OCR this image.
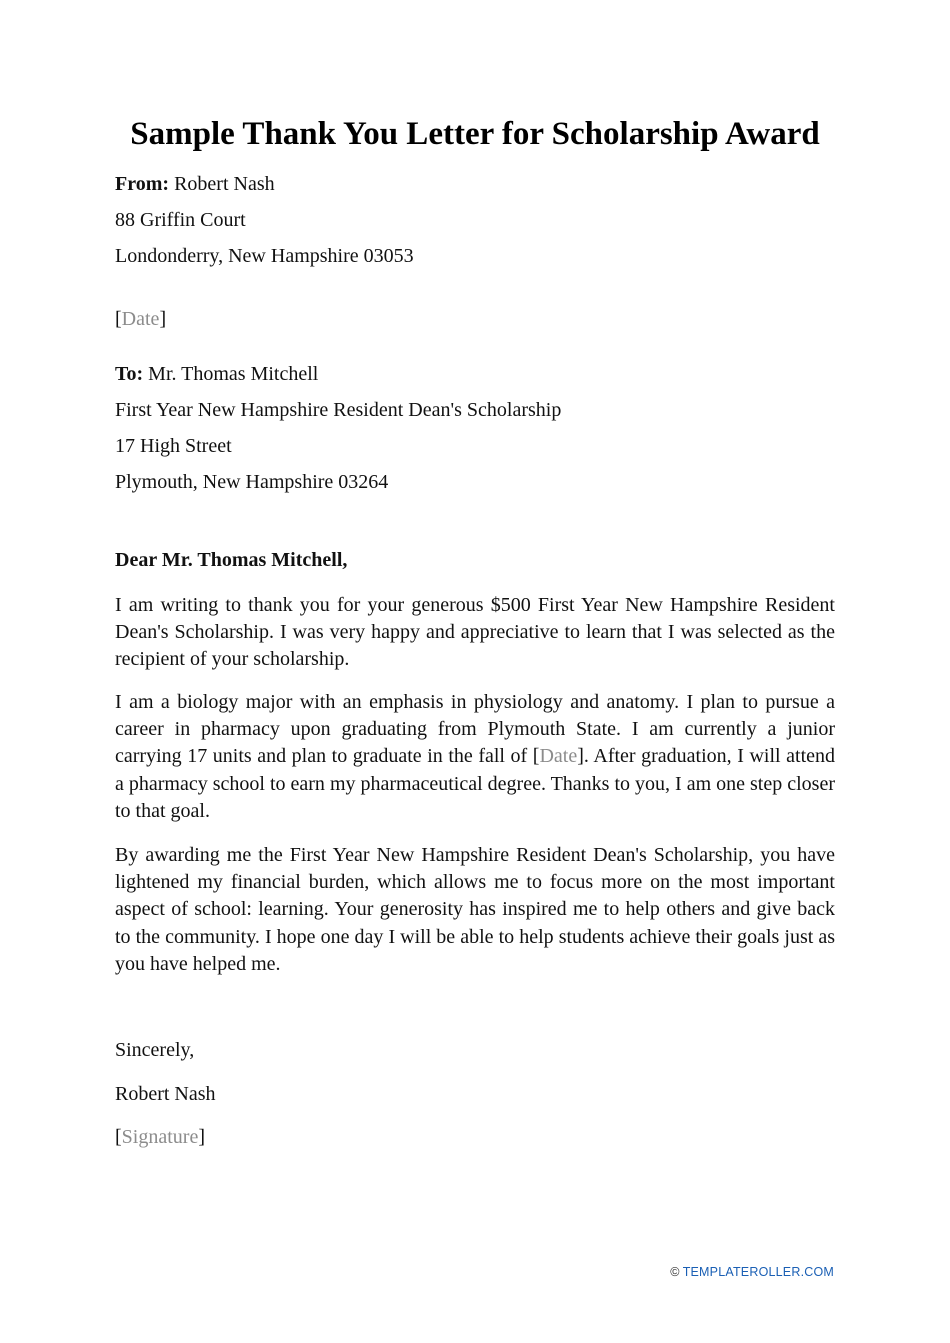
Sample Thank You Letter for Scholarship Award
From: Robert Nash
88 Griffin Court
Londonderry, New Hampshire 03053
[Date]
To: Mr. Thomas Mitchell
First Year New Hampshire Resident Dean's Scholarship
17 High Street
Plymouth, New Hampshire 03264
Dear Mr. Thomas Mitchell,

I am writing to thank you for your generous $500 First Year New Hampshire Resident Dean's Scholarship. I was very happy and appreciative to learn that I was selected as the recipient of your scholarship.

I am a biology major with an emphasis in physiology and anatomy. I plan to pursue a career in pharmacy upon graduating from Plymouth State. I am currently a junior carrying 17 units and plan to graduate in the fall of [Date]. After graduation, I will attend a pharmacy school to earn my pharmaceutical degree. Thanks to you, I am one step closer to that goal.

By awarding me the First Year New Hampshire Resident Dean's Scholarship, you have lightened my financial burden, which allows me to focus more on the most important aspect of school: learning. Your generosity has inspired me to help others and give back to the community. I hope one day I will be able to help students achieve their goals just as you have helped me.

Sincerely,
Robert Nash
[Signature]
© TEMPLATEROLLER.COM
